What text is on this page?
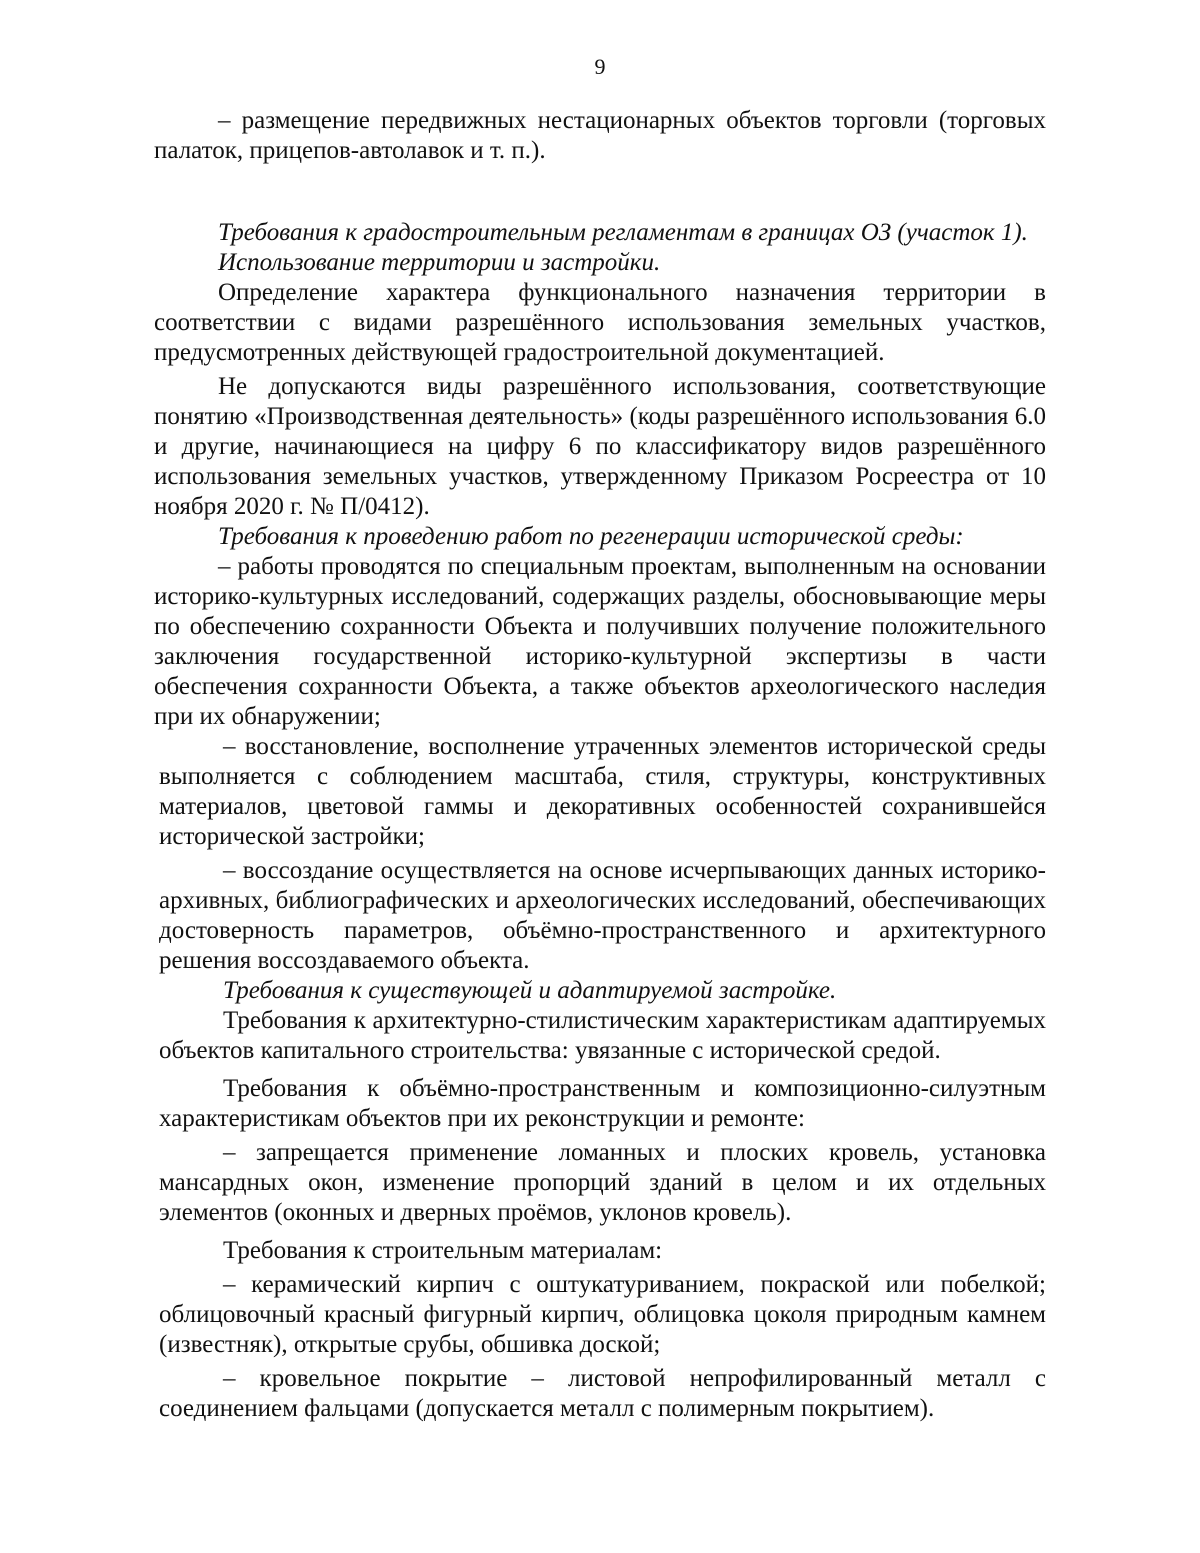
9

– размещение передвижных нестационарных объектов торговли (торговых палаток, прицепов-автолавок и т. п.).

Требования к градостроительным регламентам в границах ОЗ (участок 1).

Использование территории и застройки.

Определение характера функционального назначения территории в соответствии с видами разрешённого использования земельных участков, предусмотренных действующей градостроительной документацией.

Не допускаются виды разрешённого использования, соответствующие понятию «Производственная деятельность» (коды разрешённого использования 6.0 и другие, начинающиеся на цифру 6 по классификатору видов разрешённого использования земельных участков, утвержденному Приказом Росреестра от 10 ноября 2020 г. № П/0412).

Требования к проведению работ по регенерации исторической среды:

– работы проводятся по специальным проектам, выполненным на основании историко-культурных исследований, содержащих разделы, обосновывающие меры по обеспечению сохранности Объекта и получивших получение положительного заключения государственной историко-культурной экспертизы в части обеспечения сохранности Объекта, а также объектов археологического наследия при их обнаружении;

– восстановление, восполнение утраченных элементов исторической среды выполняется с соблюдением масштаба, стиля, структуры, конструктивных материалов, цветовой гаммы и декоративных особенностей сохранившейся исторической застройки;

– воссоздание осуществляется на основе исчерпывающих данных историко-архивных, библиографических и археологических исследований, обеспечивающих достоверность параметров, объёмно-пространственного и архитектурного решения воссоздаваемого объекта.

Требования к существующей и адаптируемой застройке.

Требования к архитектурно-стилистическим характеристикам адаптируемых объектов капитального строительства: увязанные с исторической средой.

Требования к объёмно-пространственным и композиционно-силуэтным характеристикам объектов при их реконструкции и ремонте:

– запрещается применение ломанных и плоских кровель, установка мансардных окон, изменение пропорций зданий в целом и их отдельных элементов (оконных и дверных проёмов, уклонов кровель).

Требования к строительным материалам:

– керамический кирпич с оштукатуриванием, покраской или побелкой; облицовочный красный фигурный кирпич, облицовка цоколя природным камнем (известняк), открытые срубы, обшивка доской;

– кровельное покрытие – листовой непрофилированный металл с соединением фальцами (допускается металл с полимерным покрытием).
